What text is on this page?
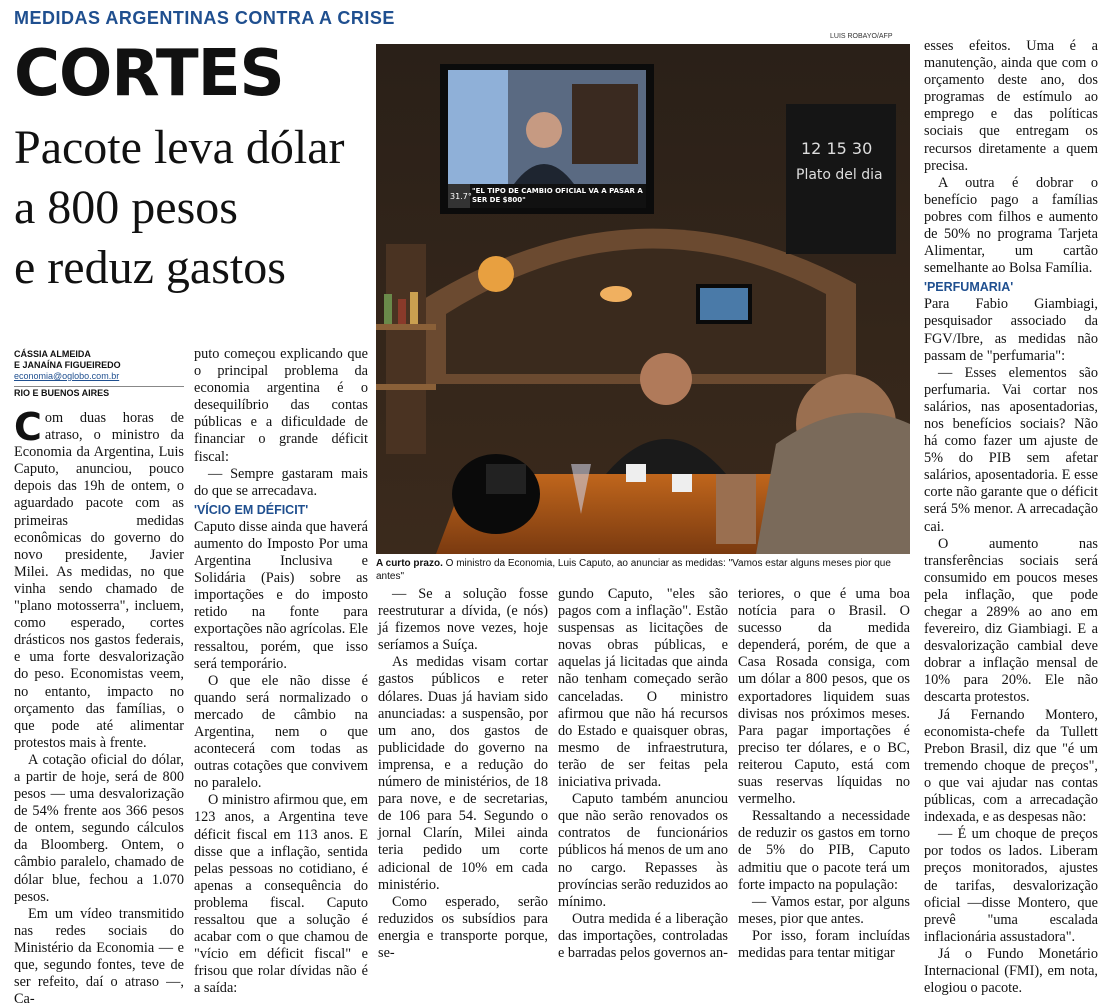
MEDIDAS ARGENTINAS CONTRA A CRISE
CORTES
Pacote leva dólar
a 800 pesos
e reduz gastos
CÁSSIA ALMEIDA
E JANAÍNA FIGUEIREDO
economia@oglobo.com.br
RIO E BUENOS AIRES

Com duas horas de atraso, o ministro da Economia da Argentina, Luis Caputo, anunciou, pouco depois das 19h de ontem, o aguardado pacote com as primeiras medidas econômicas do governo do novo presidente, Javier Milei. As medidas, no que vinha sendo chamado de "plano motosserra", incluem, como esperado, cortes drásticos nos gastos federais, e uma forte desvalorização do peso. Economistas veem, no entanto, impacto no orçamento das famílias, o que pode até alimentar protestos mais à frente.

A cotação oficial do dólar, a partir de hoje, será de 800 pesos — uma desvalorização de 54% frente aos 366 pesos de ontem, segundo cálculos da Bloomberg. Ontem, o câmbio paralelo, chamado de dólar blue, fechou a 1.070 pesos.

Em um vídeo transmitido nas redes sociais do Ministério da Economia — e que, segundo fontes, teve de ser refeito, daí o atraso —, Ca-

puto começou explicando que o principal problema da economia argentina é o desequilíbrio das contas públicas e a dificuldade de financiar o grande déficit fiscal:

— Sempre gastaram mais do que se arrecadava.

'VÍCIO EM DÉFICIT'

Caputo disse ainda que haverá aumento do Imposto Por uma Argentina Inclusiva e Solidária (Pais) sobre as importações e do imposto retido na fonte para exportações não agrícolas. Ele ressaltou, porém, que isso será temporário.

O que ele não disse é quando será normalizado o mercado de câmbio na Argentina, nem o que acontecerá com todas as outras cotações que convivem no paralelo.

O ministro afirmou que, em 123 anos, a Argentina teve déficit fiscal em 113 anos. E disse que a inflação, sentida pelas pessoas no cotidiano, é apenas a consequência do problema fiscal. Caputo ressaltou que a solução é acabar com o que chamou de "vício em déficit fiscal" e frisou que rolar dívidas não é a saída:

LUIS ROBAYO/AFP
12 15 30
Plato del dia
31.7°
"EL TIPO DE CAMBIO OFICIAL VA A PASAR A SER DE $800"
A curto prazo. O ministro da Economia, Luis Caputo, ao anunciar as medidas: "Vamos estar alguns meses pior que antes"

— Se a solução fosse reestruturar a dívida, (e nós) já fizemos nove vezes, hoje seríamos a Suíça.

As medidas visam cortar gastos públicos e reter dólares. Duas já haviam sido anunciadas: a suspensão, por um ano, dos gastos de publicidade do governo na imprensa, e a redução do número de ministérios, de 18 para nove, e de secretarias, de 106 para 54. Segundo o jornal Clarín, Milei ainda teria pedido um corte adicional de 10% em cada ministério.

Como esperado, serão reduzidos os subsídios para energia e transporte porque, se-

gundo Caputo, "eles são pagos com a inflação". Estão suspensas as licitações de novas obras públicas, e aquelas já licitadas que ainda não tenham começado serão canceladas. O ministro afirmou que não há recursos do Estado e quaisquer obras, mesmo de infraestrutura, terão de ser feitas pela iniciativa privada.

Caputo também anunciou que não serão renovados os contratos de funcionários públicos há menos de um ano no cargo. Repasses às províncias serão reduzidos ao mínimo.

Outra medida é a liberação das importações, controladas e barradas pelos governos an-

teriores, o que é uma boa notícia para o Brasil. O sucesso da medida dependerá, porém, de que a Casa Rosada consiga, com um dólar a 800 pesos, que os exportadores liquidem suas divisas nos próximos meses. Para pagar importações é preciso ter dólares, e o BC, reiterou Caputo, está com suas reservas líquidas no vermelho.

Ressaltando a necessidade de reduzir os gastos em torno de 5% do PIB, Caputo admitiu que o pacote terá um forte impacto na população:

— Vamos estar, por alguns meses, pior que antes.

Por isso, foram incluídas medidas para tentar mitigar

esses efeitos. Uma é a manutenção, ainda que com o orçamento deste ano, dos programas de estímulo ao emprego e das políticas sociais que entregam os recursos diretamente a quem precisa.

A outra é dobrar o benefício pago a famílias pobres com filhos e aumento de 50% no programa Tarjeta Alimentar, um cartão semelhante ao Bolsa Família.

'PERFUMARIA'

Para Fabio Giambiagi, pesquisador associado da FGV/Ibre, as medidas não passam de "perfumaria":

— Esses elementos são perfumaria. Vai cortar nos salários, nas aposentadorias, nos benefícios sociais? Não há como fazer um ajuste de 5% do PIB sem afetar salários, aposentadoria. E esse corte não garante que o déficit será 5% menor. A arrecadação cai.

O aumento nas transferências sociais será consumido em poucos meses pela inflação, que pode chegar a 289% ao ano em fevereiro, diz Giambiagi. E a desvalorização cambial deve dobrar a inflação mensal de 10% para 20%. Ele não descarta protestos.

Já Fernando Montero, economista-chefe da Tullett Prebon Brasil, diz que "é um tremendo choque de preços", o que vai ajudar nas contas públicas, com a arrecadação indexada, e as despesas não:

— É um choque de preços por todos os lados. Liberam preços monitorados, ajustes de tarifas, desvalorização oficial —disse Montero, que prevê "uma escalada inflacionária assustadora".

Já o Fundo Monetário Internacional (FMI), em nota, elogiou o pacote.
